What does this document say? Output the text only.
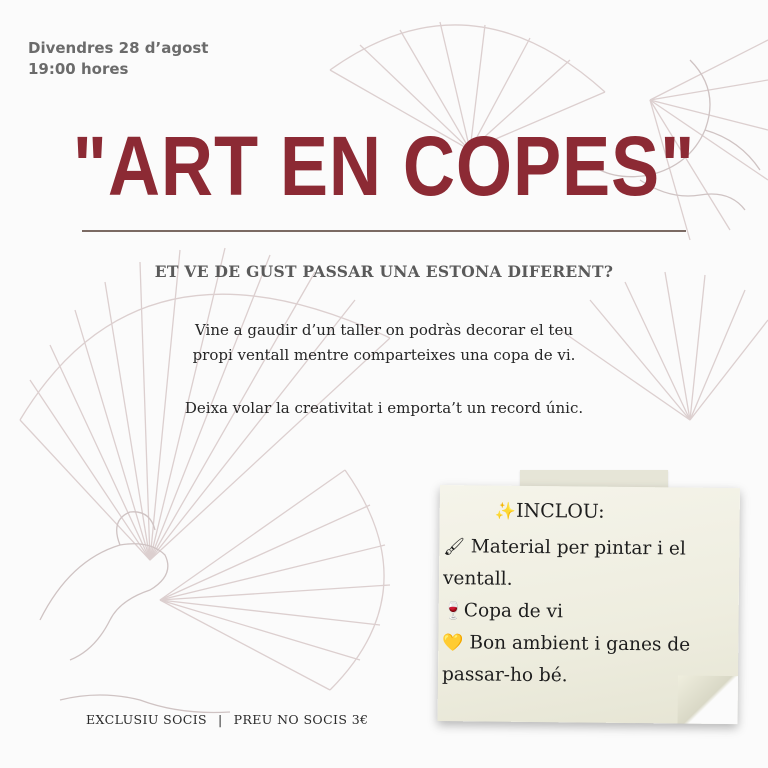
Divendres 28 d’agost
19:00 hores
"ART EN COPES"
ET VE DE GUST PASSAR UNA ESTONA DIFERENT?
Vine a gaudir d’un taller on podràs decorar el teu
propi ventall mentre comparteixes una copa de vi.
Deixa volar la creativitat i emporta’t un record únic.
✨INCLOU:
🖌 Material per pintar i el
ventall.
🍷Copa de vi
💛 Bon ambient i ganes de
passar-ho bé.
EXCLUSIU SOCIS | PREU NO SOCIS 3€
